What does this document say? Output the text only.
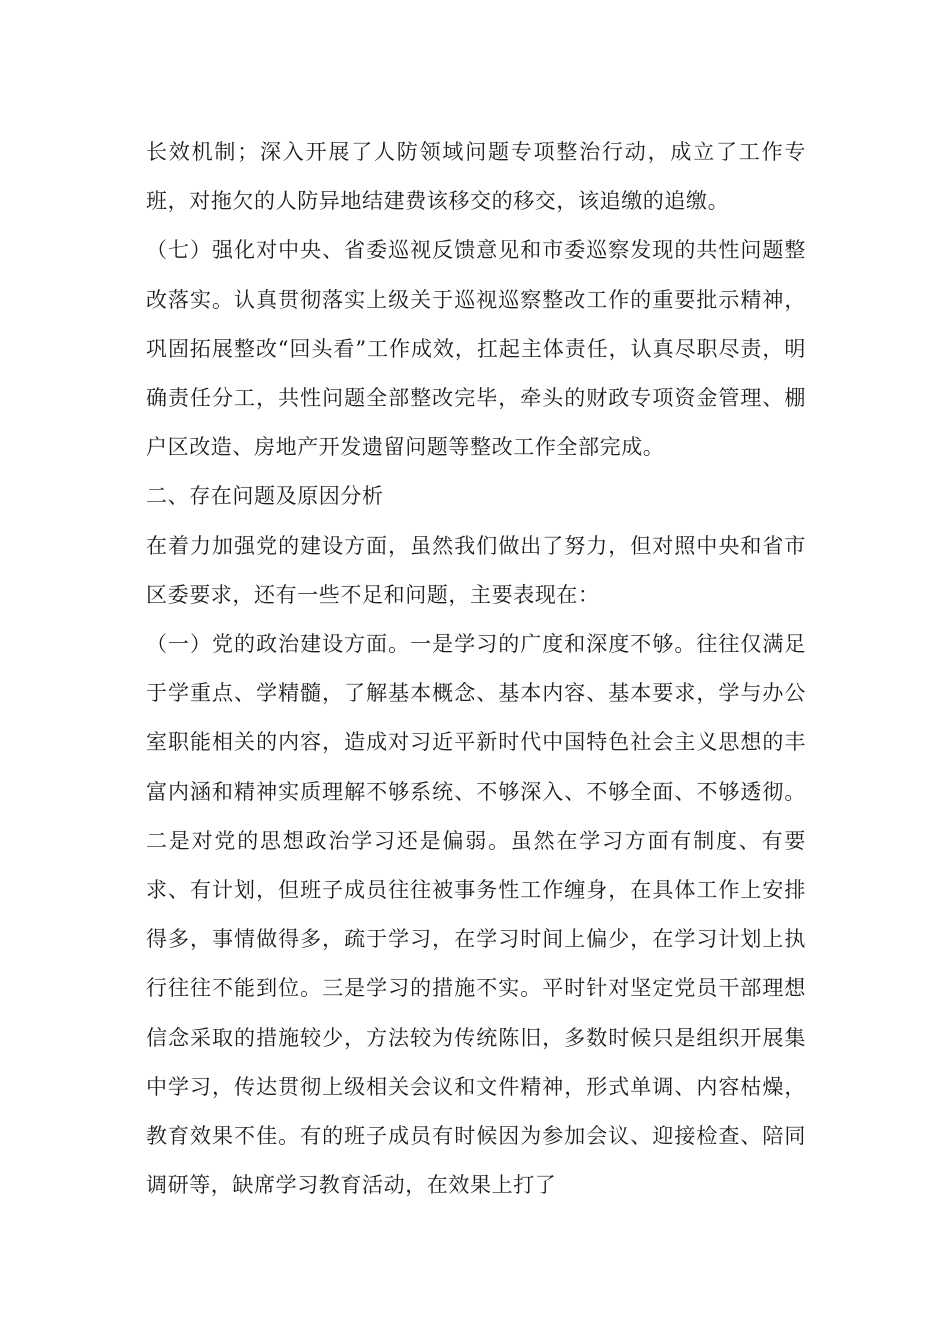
长效机制；深入开展了人防领域问题专项整治行动，成立了工作专班，对拖欠的人防异地结建费该移交的移交，该追缴的追缴。

（七）强化对中央、省委巡视反馈意见和市委巡察发现的共性问题整改落实。认真贯彻落实上级关于巡视巡察整改工作的重要批示精神，巩固拓展整改“回头看”工作成效，扛起主体责任，认真尽职尽责，明确责任分工，共性问题全部整改完毕，牵头的财政专项资金管理、棚户区改造、房地产开发遗留问题等整改工作全部完成。

二、存在问题及原因分析

在着力加强党的建设方面，虽然我们做出了努力，但对照中央和省市区委要求，还有一些不足和问题，主要表现在：

（一）党的政治建设方面。一是学习的广度和深度不够。往往仅满足于学重点、学精髓，了解基本概念、基本内容、基本要求，学与办公室职能相关的内容，造成对习近平新时代中国特色社会主义思想的丰富内涵和精神实质理解不够系统、不够深入、不够全面、不够透彻。二是对党的思想政治学习还是偏弱。虽然在学习方面有制度、有要求、有计划，但班子成员往往被事务性工作缠身，在具体工作上安排得多，事情做得多，疏于学习，在学习时间上偏少，在学习计划上执行往往不能到位。三是学习的措施不实。平时针对坚定党员干部理想信念采取的措施较少，方法较为传统陈旧，多数时候只是组织开展集中学习，传达贯彻上级相关会议和文件精神，形式单调、内容枯燥，教育效果不佳。有的班子成员有时候因为参加会议、迎接检查、陪同调研等，缺席学习教育活动，在效果上打了
